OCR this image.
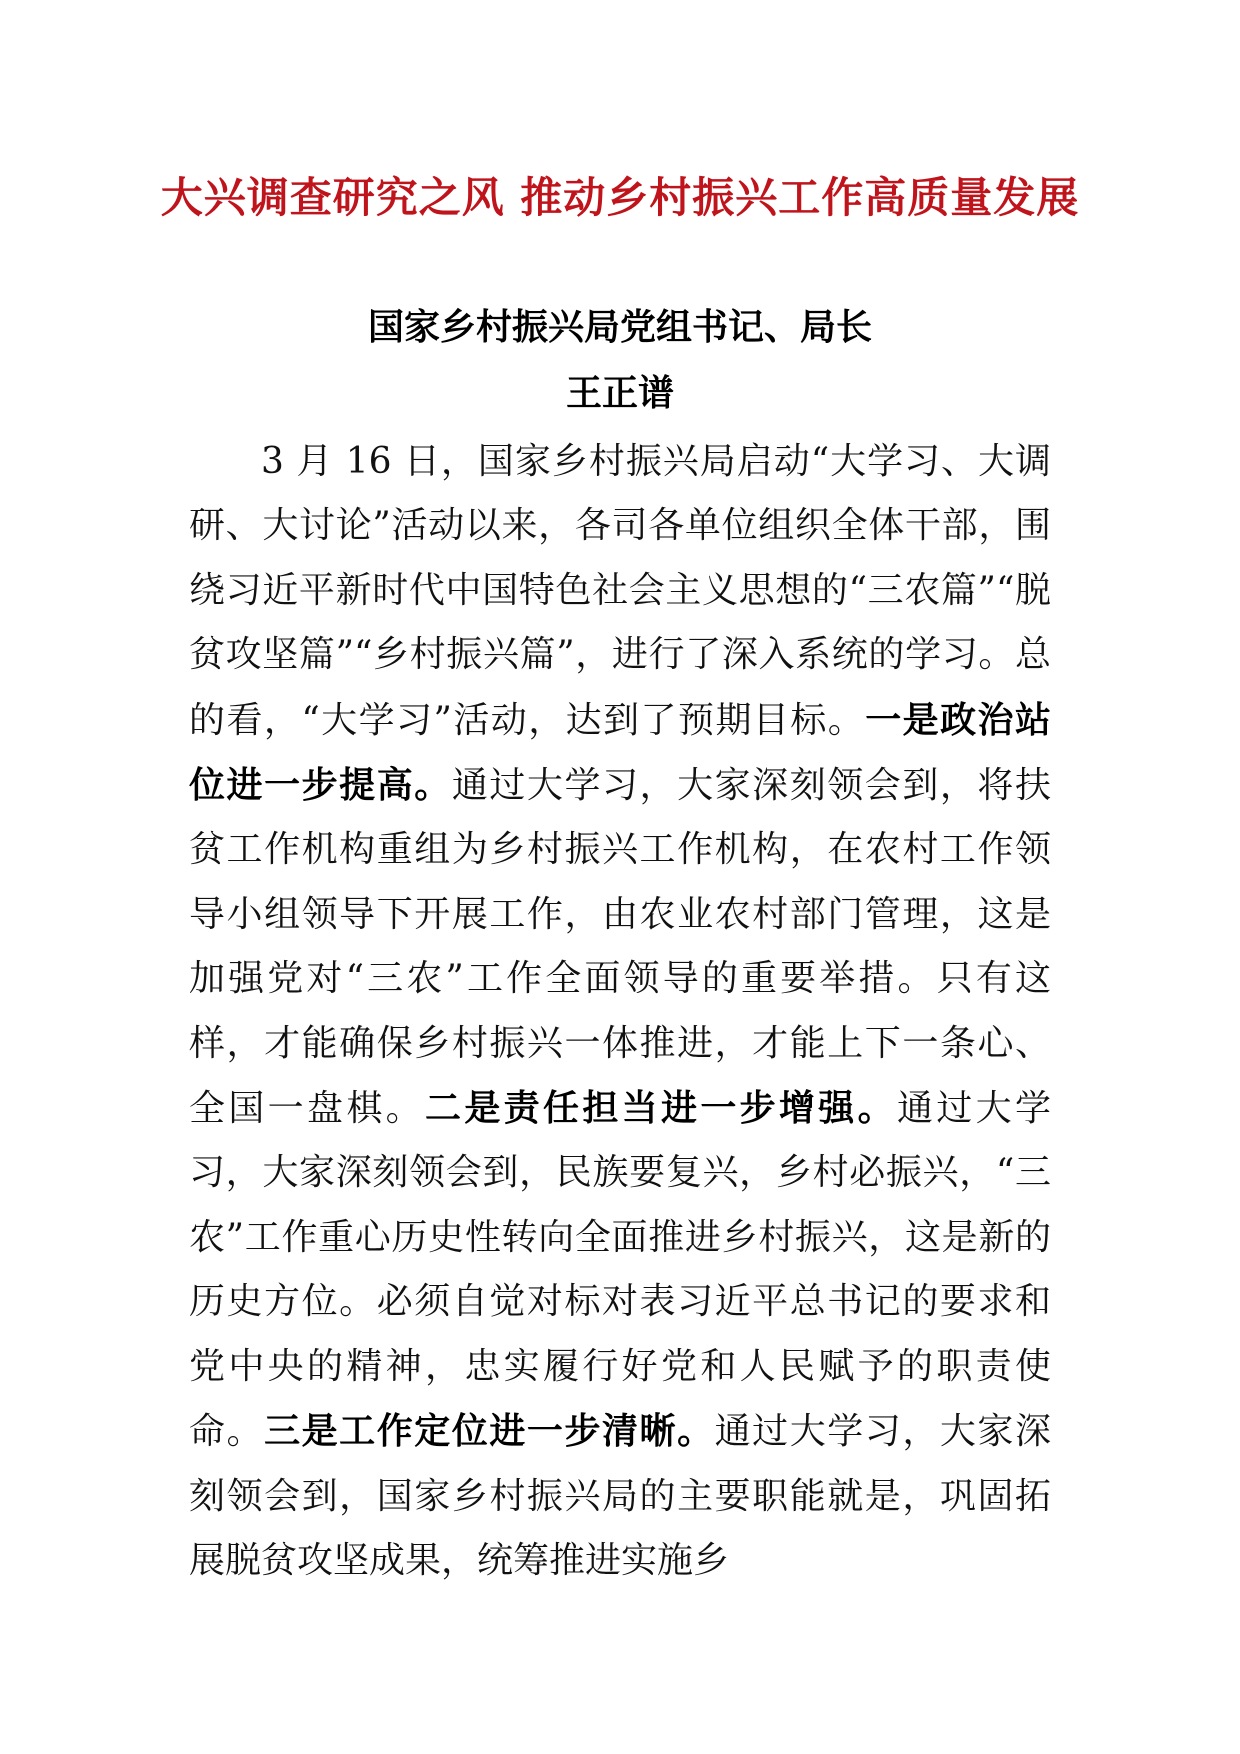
大兴调查研究之风 推动乡村振兴工作高质量发展
国家乡村振兴局党组书记、局长
王正谱

3 月 16 日，国家乡村振兴局启动“大学习、大调研、大讨论”活动以来，各司各单位组织全体干部，围绕习近平新时代中国特色社会主义思想的“三农篇”“脱贫攻坚篇”“乡村振兴篇”，进行了深入系统的学习。总的看，“大学习”活动，达到了预期目标。一是政治站位进一步提高。通过大学习，大家深刻领会到，将扶贫工作机构重组为乡村振兴工作机构，在农村工作领导小组领导下开展工作，由农业农村部门管理，这是加强党对“三农”工作全面领导的重要举措。只有这样，才能确保乡村振兴一体推进，才能上下一条心、全国一盘棋。二是责任担当进一步增强。通过大学习，大家深刻领会到，民族要复兴，乡村必振兴，“三农”工作重心历史性转向全面推进乡村振兴，这是新的历史方位。必须自觉对标对表习近平总书记的要求和党中央的精神，忠实履行好党和人民赋予的职责使命。三是工作定位进一步清晰。通过大学习，大家深刻领会到，国家乡村振兴局的主要职能就是，巩固拓展脱贫攻坚成果，统筹推进实施乡
